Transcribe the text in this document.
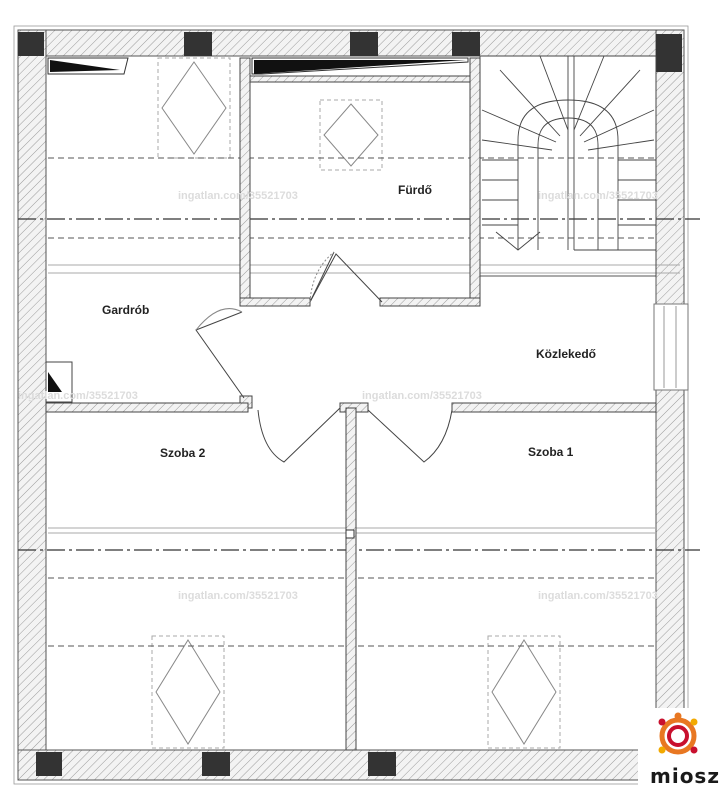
ingatlan.com/35521703	ingatlan.com/35521703
ingatlan.com/35521703	ingatlan.com/35521703
ingatlan.com/35521703	ingatlan.com/35521703
Fürdő
Gardrób
Közlekedő
Szoba 2	Szoba 1
miosz
